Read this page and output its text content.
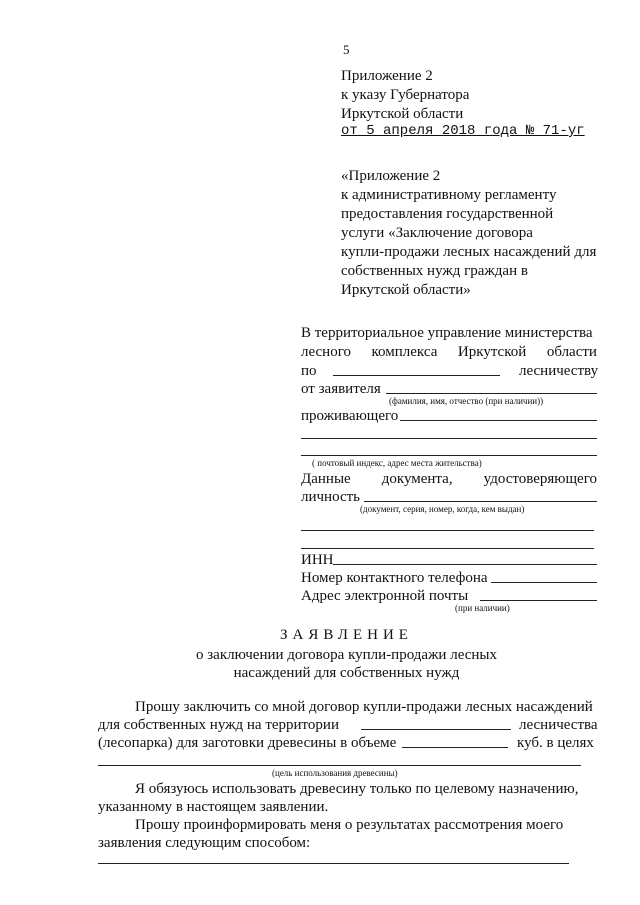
5
Приложение 2
к указу Губернатора
Иркутской области
от 5 апреля 2018 года № 71-уг
«Приложение 2
к административному регламенту
предоставления государственной
услуги «Заключение договора
купли-продажи лесных насаждений для
собственных нужд граждан в
Иркутской области»
В территориальное управление министерства
лесного комплекса Иркутской области
по	лесничеству
от заявителя
(фамилия, имя, отчество (при наличии))
проживающего
( почтовый индекс, адрес места жительства)
Данные документа, удостоверяющего
личность
(документ, серия, номер, когда, кем выдан)
ИНН
Номер контактного телефона
Адрес электронной почты
(при наличии)
ЗАЯВЛЕНИЕ
о заключении договора купли-продажи лесных
насаждений для собственных нужд
Прошу заключить со мной договор купли-продажи лесных насаждений
для собственных нужд на территории	лесничества
(лесопарка) для заготовки древесины в объеме	куб. в целях
(цель использования древесины)
Я обязуюсь использовать древесину только по целевому назначению,
указанному в настоящем заявлении.
Прошу проинформировать меня о результатах рассмотрения моего
заявления следующим способом:
